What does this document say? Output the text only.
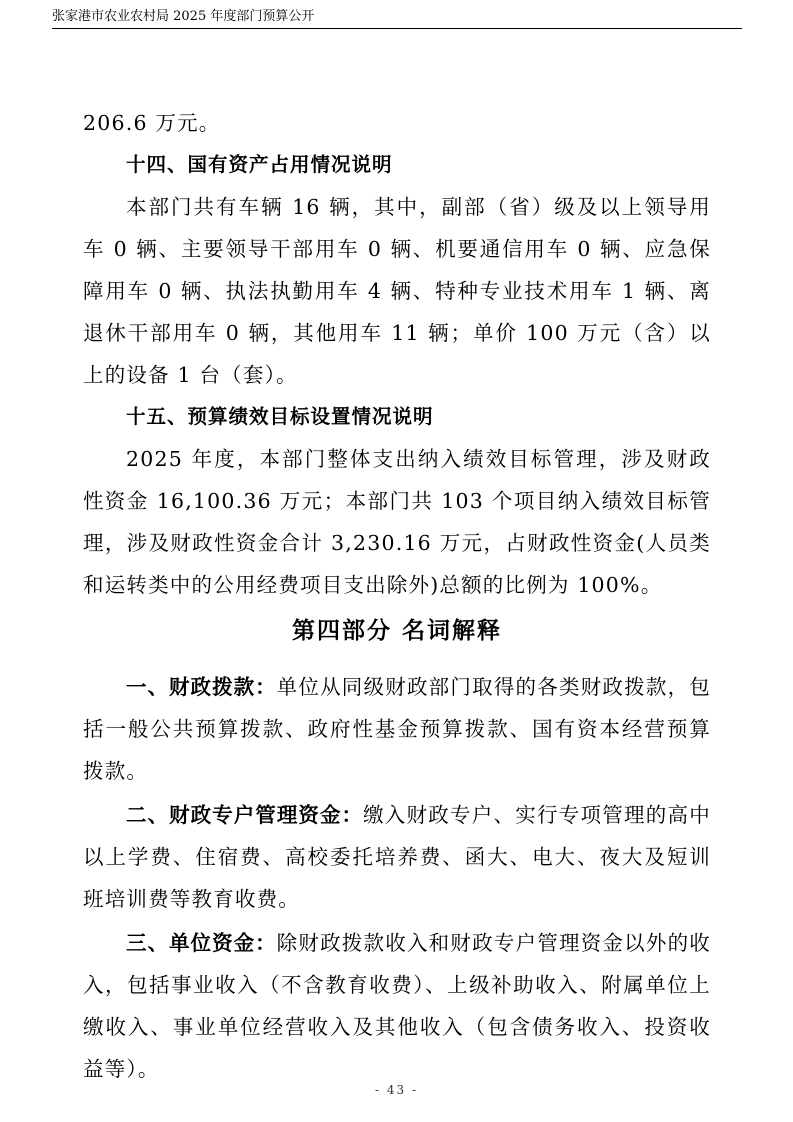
张家港市农业农村局 2025 年度部门预算公开

206.6 万元。

十四、国有资产占用情况说明

本部门共有车辆 16 辆，其中，副部（省）级及以上领导用车 0 辆、主要领导干部用车 0 辆、机要通信用车 0 辆、应急保障用车 0 辆、执法执勤用车 4 辆、特种专业技术用车 1 辆、离退休干部用车 0 辆，其他用车 11 辆；单价 100 万元（含）以上的设备 1 台（套）。

十五、预算绩效目标设置情况说明

2025 年度，本部门整体支出纳入绩效目标管理，涉及财政性资金 16,100.36 万元；本部门共 103 个项目纳入绩效目标管理，涉及财政性资金合计 3,230.16 万元，占财政性资金(人员类和运转类中的公用经费项目支出除外)总额的比例为 100%。

第四部分 名词解释

一、财政拨款：单位从同级财政部门取得的各类财政拨款，包括一般公共预算拨款、政府性基金预算拨款、国有资本经营预算拨款。

二、财政专户管理资金：缴入财政专户、实行专项管理的高中以上学费、住宿费、高校委托培养费、函大、电大、夜大及短训班培训费等教育收费。

三、单位资金：除财政拨款收入和财政专户管理资金以外的收入，包括事业收入（不含教育收费）、上级补助收入、附属单位上缴收入、事业单位经营收入及其他收入（包含债务收入、投资收益等）。

- 43 -
